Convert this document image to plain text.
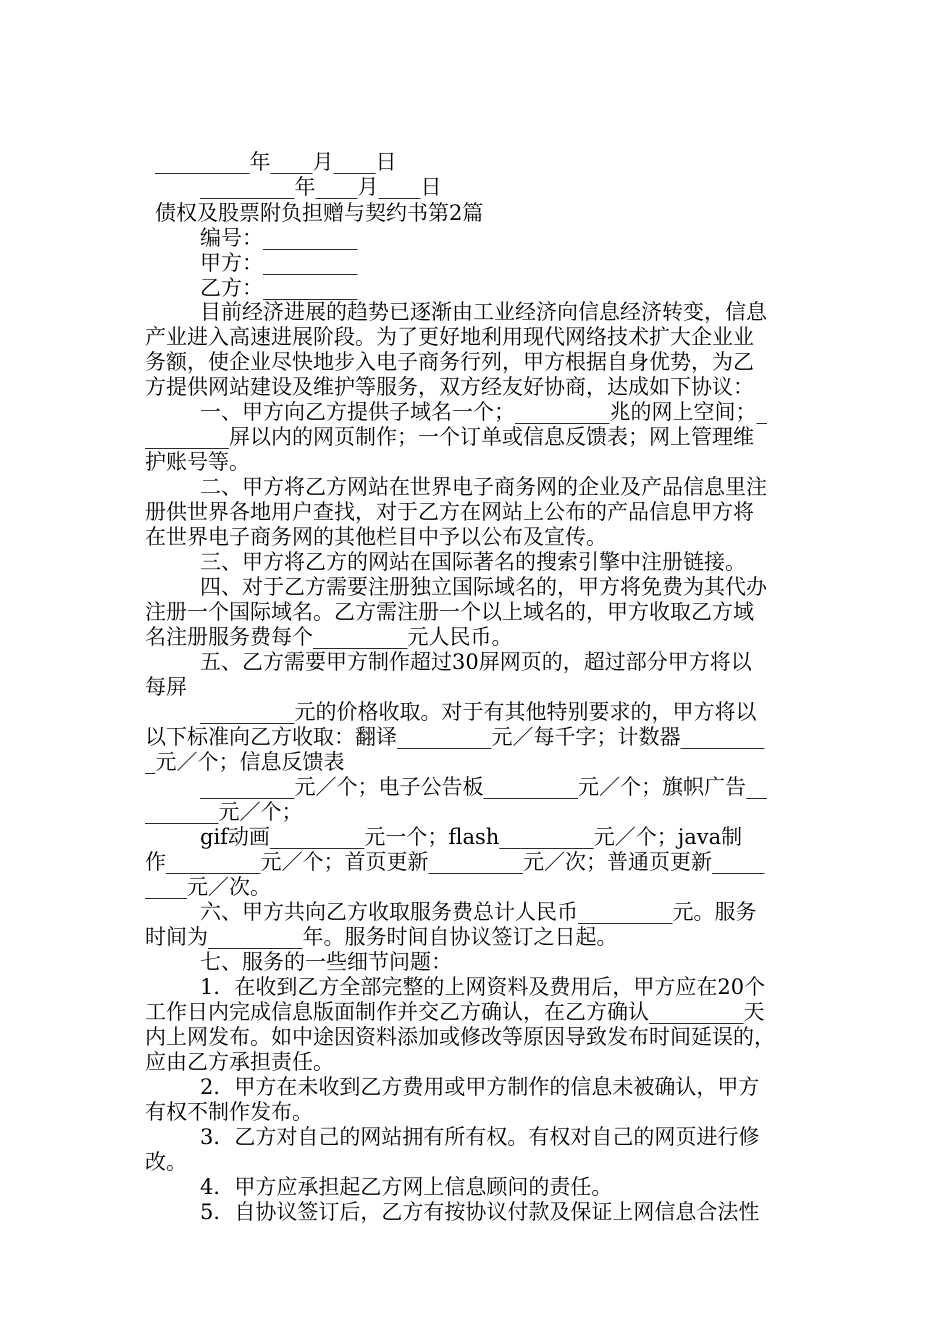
_________年____月____日
_________年____月____日
债权及股票附负担赠与契约书第2篇
编号：_________
甲方：_________
乙方：_________
目前经济进展的趋势已逐渐由工业经济向信息经济转变，信息
产业进入高速进展阶段。为了更好地利用现代网络技术扩大企业业
务额，使企业尽快地步入电子商务行列，甲方根据自身优势，为乙
方提供网站建设及维护等服务，双方经友好协商，达成如下协议：
一、甲方向乙方提供子域名一个；_________兆的网上空间；_
________屏以内的网页制作；一个订单或信息反馈表；网上管理维
护账号等。
二、甲方将乙方网站在世界电子商务网的企业及产品信息里注
册供世界各地用户查找，对于乙方在网站上公布的产品信息甲方将
在世界电子商务网的其他栏目中予以公布及宣传。
三、甲方将乙方的网站在国际著名的搜索引擎中注册链接。
四、对于乙方需要注册独立国际域名的，甲方将免费为其代办
注册一个国际域名。乙方需注册一个以上域名的，甲方收取乙方域
名注册服务费每个_________元人民币。
五、乙方需要甲方制作超过30屏网页的，超过部分甲方将以
每屏
_________元的价格收取。对于有其他特别要求的，甲方将以
以下标准向乙方收取：翻译_________元／每千字；计数器________
_元／个；信息反馈表
_________元／个；电子公告板_________元／个；旗帜广告__
_______元／个；
gif动画_________元一个；flash_________元／个；java制
作_________元／个；首页更新_________元／次；普通页更新_____
____元／次。
六、甲方共向乙方收取服务费总计人民币_________元。服务
时间为_________年。服务时间自协议签订之日起。
七、服务的一些细节问题：
1．在收到乙方全部完整的上网资料及费用后，甲方应在20个
工作日内完成信息版面制作并交乙方确认，在乙方确认_________天
内上网发布。如中途因资料添加或修改等原因导致发布时间延误的，
应由乙方承担责任。
2．甲方在未收到乙方费用或甲方制作的信息未被确认，甲方
有权不制作发布。
3．乙方对自己的网站拥有所有权。有权对自己的网页进行修
改。
4．甲方应承担起乙方网上信息顾问的责任。
5．自协议签订后，乙方有按协议付款及保证上网信息合法性
